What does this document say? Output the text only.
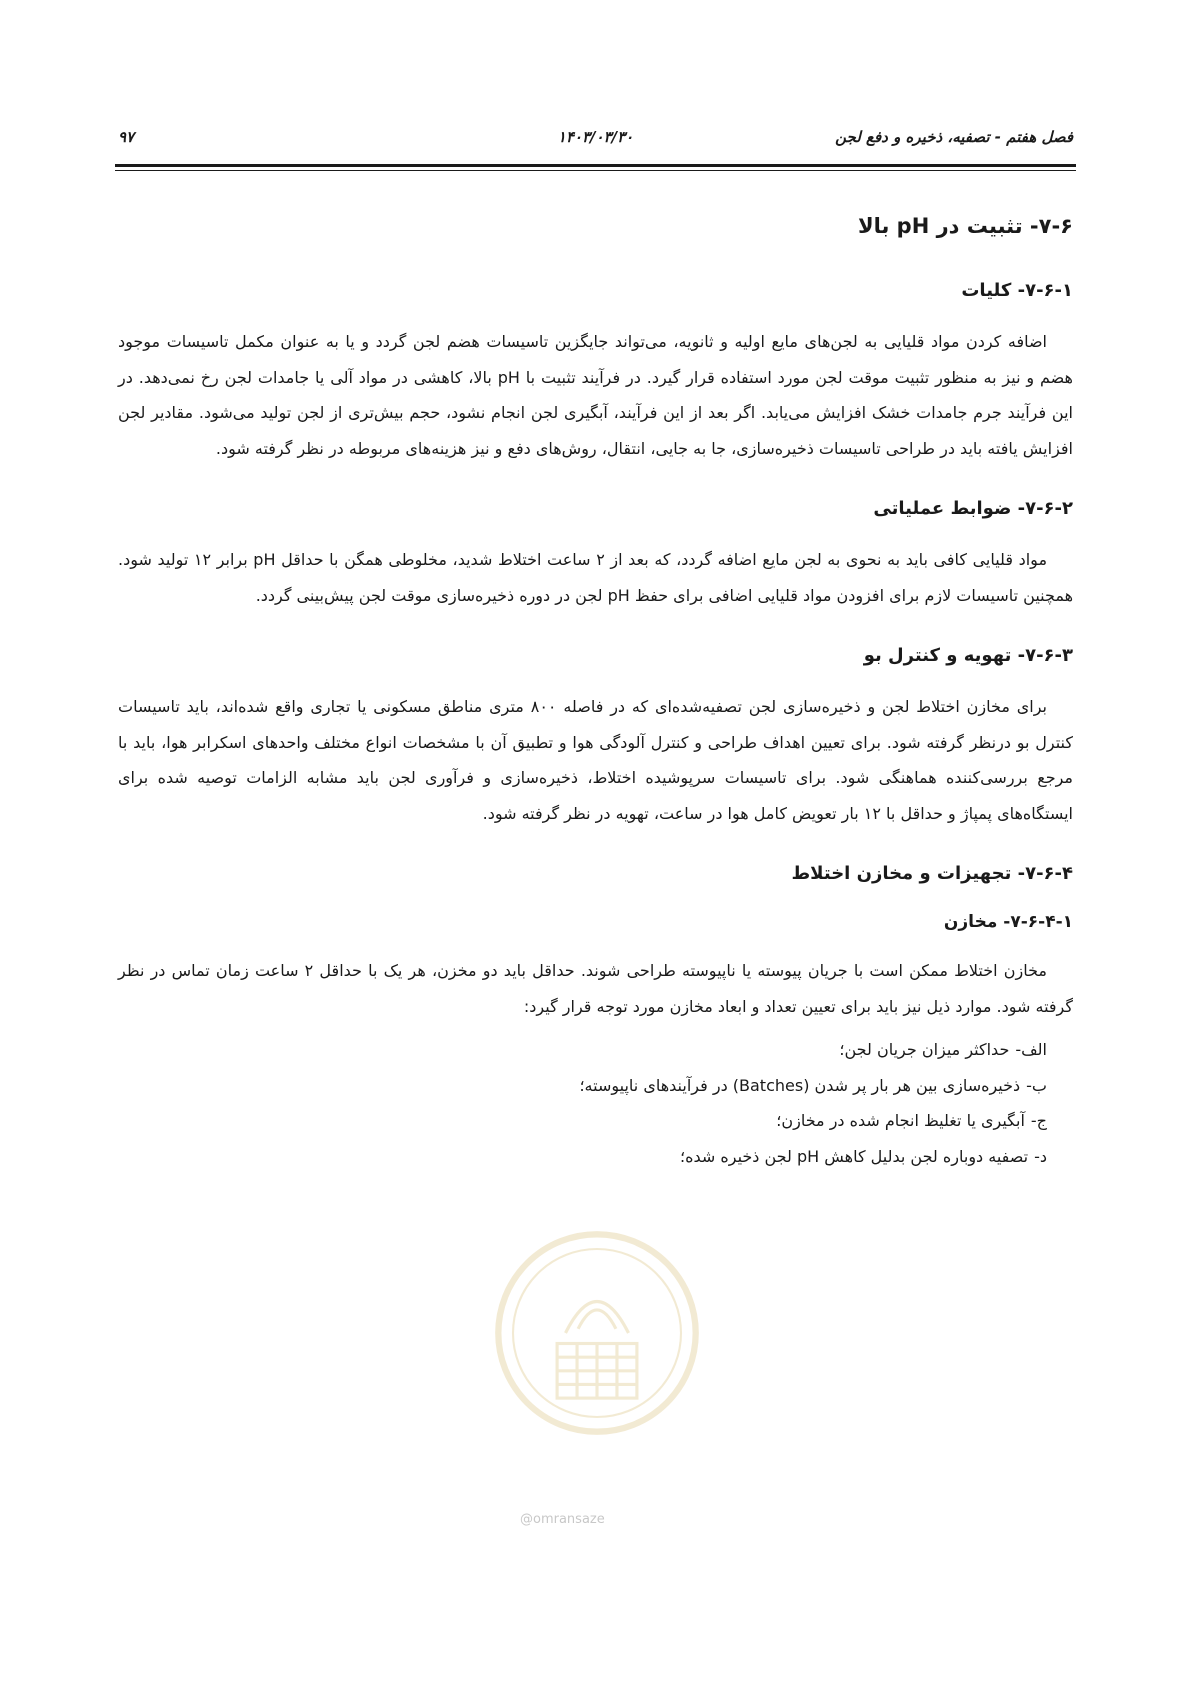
فصل هفتم - تصفیه، ذخیره و دفع لجن
۱۴۰۳/۰۳/۳۰
۹۷
۷-۶- تثبیت در pH بالا
۷-۶-۱- کلیات

اضافه کردن مواد قلیایی به لجن‌های مایع اولیه و ثانویه، می‌تواند جایگزین تاسیسات هضم لجن گردد و یا به عنوان مکمل تاسیسات موجود هضم و نیز به منظور تثبیت موقت لجن مورد استفاده قرار گیرد. در فرآیند تثبیت با pH بالا، کاهشی در مواد آلی یا جامدات لجن رخ نمی‌دهد. در این فرآیند جرم جامدات خشک افزایش می‌یابد. اگر بعد از این فرآیند، آبگیری لجن انجام نشود، حجم بیش‌تری از لجن تولید می‌شود. مقادیر لجن افزایش یافته باید در طراحی تاسیسات ذخیره‌سازی، جا به جایی، انتقال، روش‌های دفع و نیز هزینه‌های مربوطه در نظر گرفته شود.

۷-۶-۲- ضوابط عملیاتی

مواد قلیایی کافی باید به نحوی به لجن مایع اضافه گردد، که بعد از ۲ ساعت اختلاط شدید، مخلوطی همگن با حداقل pH برابر ۱۲ تولید شود. همچنین تاسیسات لازم برای افزودن مواد قلیایی اضافی برای حفظ pH لجن در دوره ذخیره‌سازی موقت لجن پیش‌بینی گردد.

۷-۶-۳- تهویه و کنترل بو

برای مخازن اختلاط لجن و ذخیره‌سازی لجن تصفیه‌شده‌ای که در فاصله ۸۰۰ متری مناطق مسکونی یا تجاری واقع شده‌اند، باید تاسیسات کنترل بو درنظر گرفته شود. برای تعیین اهداف طراحی و کنترل آلودگی هوا و تطبیق آن با مشخصات انواع مختلف واحدهای اسکرابر هوا، باید با مرجع بررسی‌کننده هماهنگی شود. برای تاسیسات سرپوشیده اختلاط، ذخیره‌سازی و فرآوری لجن باید مشابه الزامات توصیه شده برای ایستگاه‌های پمپاژ و حداقل با ۱۲ بار تعویض کامل هوا در ساعت، تهویه در نظر گرفته شود.

۷-۶-۴- تجهیزات و مخازن اختلاط
۷-۶-۴-۱- مخازن

مخازن اختلاط ممکن است با جریان پیوسته یا ناپیوسته طراحی شوند. حداقل باید دو مخزن، هر یک با حداقل ۲ ساعت زمان تماس در نظر گرفته شود. موارد ذیل نیز باید برای تعیین تعداد و ابعاد مخازن مورد توجه قرار گیرد:

الف-حداکثر میزان جریان لجن؛
ب-ذخیره‌سازی بین هر بار پر شدن (Batches) در فرآیندهای ناپیوسته؛
ج-آبگیری یا تغلیظ انجام شده در مخازن؛
د-تصفیه دوباره لجن بدلیل کاهش pH لجن ذخیره شده؛
@omransaze
